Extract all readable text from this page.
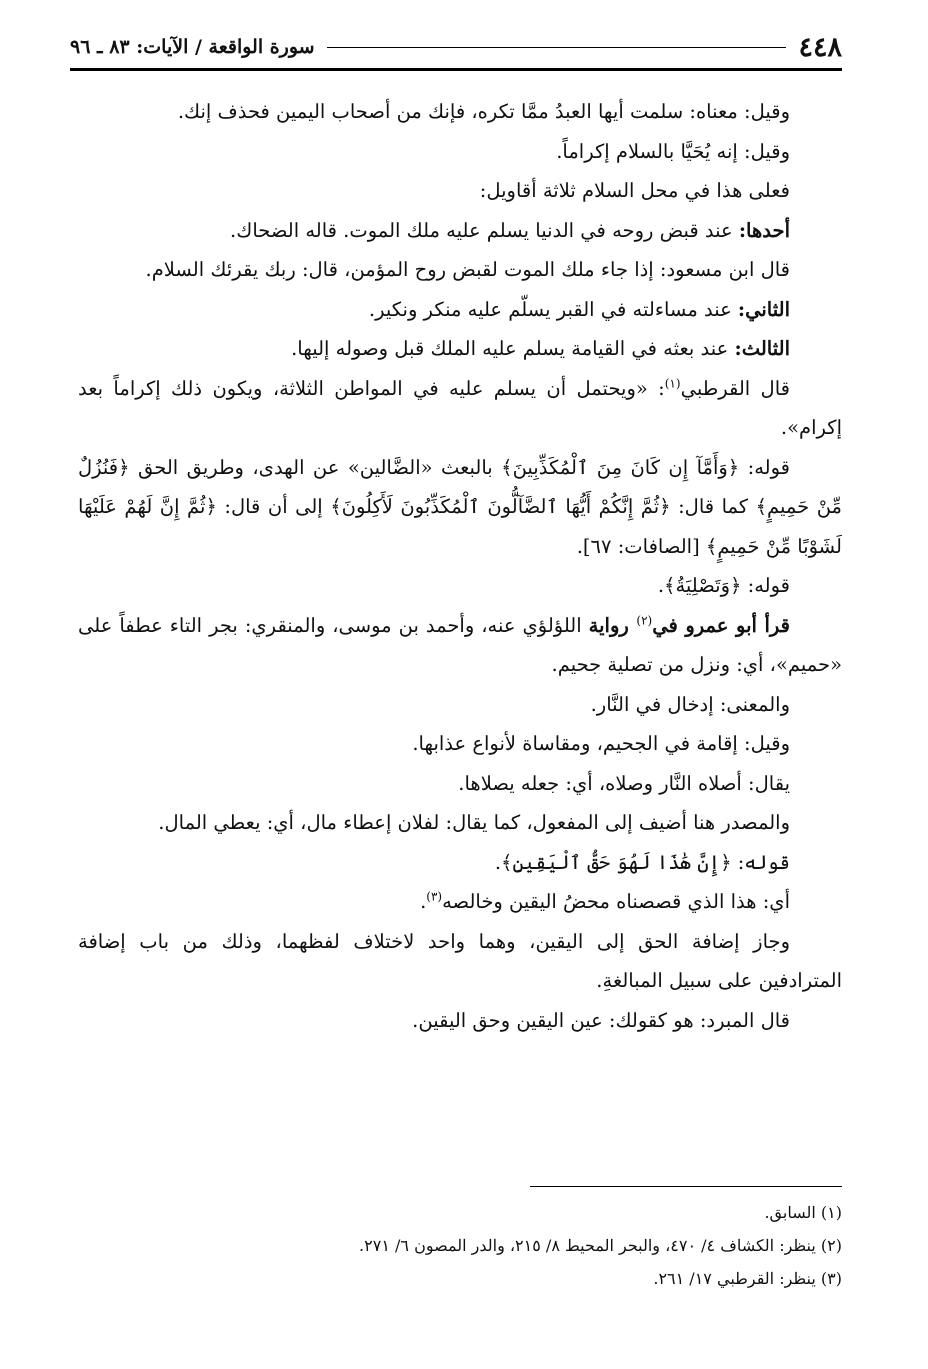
٤٤٨
سورة الواقعة / الآيات: ٨٣ ـ ٩٦

وقيل: معناه: سلمت أيها العبدُ ممَّا تكره، فإنك من أصحاب اليمين فحذف إنك.

وقيل: إنه يُحَيَّا بالسلام إكراماً.

فعلى هذا في محل السلام ثلاثة أقاويل:

أحدها: عند قبض روحه في الدنيا يسلم عليه ملك الموت. قاله الضحاك.

قال ابن مسعود: إذا جاء ملك الموت لقبض روح المؤمن، قال: ربك يقرئك السلام.

الثاني: عند مساءلته في القبر يسلّم عليه منكر ونكير.

الثالث: عند بعثه في القيامة يسلم عليه الملك قبل وصوله إليها.

قال القرطبي$^{(١)}$: «ويحتمل أن يسلم عليه في المواطن الثلاثة، ويكون ذلك إكراماً بعد إكرام».

قوله: ﴿وَأَمَّآ إِن كَانَ مِنَ ٱلْمُكَذِّبِينَ﴾ بالبعث «الضَّالين» عن الهدى، وطريق الحق ﴿فَنُزُلٌ مِّنْ حَمِيمٍ﴾ كما قال: ﴿ثُمَّ إِنَّكُمْ أَيُّهَا ٱلضَّآلُّونَ ٱلْمُكَذِّبُونَ لَأَكِلُونَ﴾ إلى أن قال: ﴿ثُمَّ إِنَّ لَهُمْ عَلَيْهَا لَشَوْبًا مِّنْ حَمِيمٍ﴾ [الصافات: ٦٧].

قوله: ﴿وَتَصْلِيَةُ﴾.

قرأ أبو عمرو في$^{(٢)}$ رواية اللؤلؤي عنه، وأحمد بن موسى، والمنقري: بجر التاء عطفاً على «حميم»، أي: ونزل من تصلية جحيم.

والمعنى: إدخال في النَّار.

وقيل: إقامة في الجحيم، ومقاساة لأنواع عذابها.

يقال: أصلاه النَّار وصلاه، أي: جعله يصلاها.

والمصدر هنا أضيف إلى المفعول، كما يقال: لفلان إعطاء مال، أي: يعطي المال.

قوله: ﴿إِنَّ هَٰذَا لَهُوَ حَقُّ ٱلْيَقِينِ﴾.

أي: هذا الذي قصصناه محضُ اليقين وخالصه$^{(٣)}$.

وجاز إضافة الحق إلى اليقين، وهما واحد لاختلاف لفظهما، وذلك من باب إضافة المترادفين على سبيل المبالغةِ.

قال المبرد: هو كقولك: عين اليقين وحق اليقين.

(١) السابق.

(٢) ينظر: الكشاف ٤/ ٤٧٠، والبحر المحيط ٨/ ٢١٥، والدر المصون ٦/ ٢٧١.

(٣) ينظر: القرطبي ١٧/ ٢٦١.
